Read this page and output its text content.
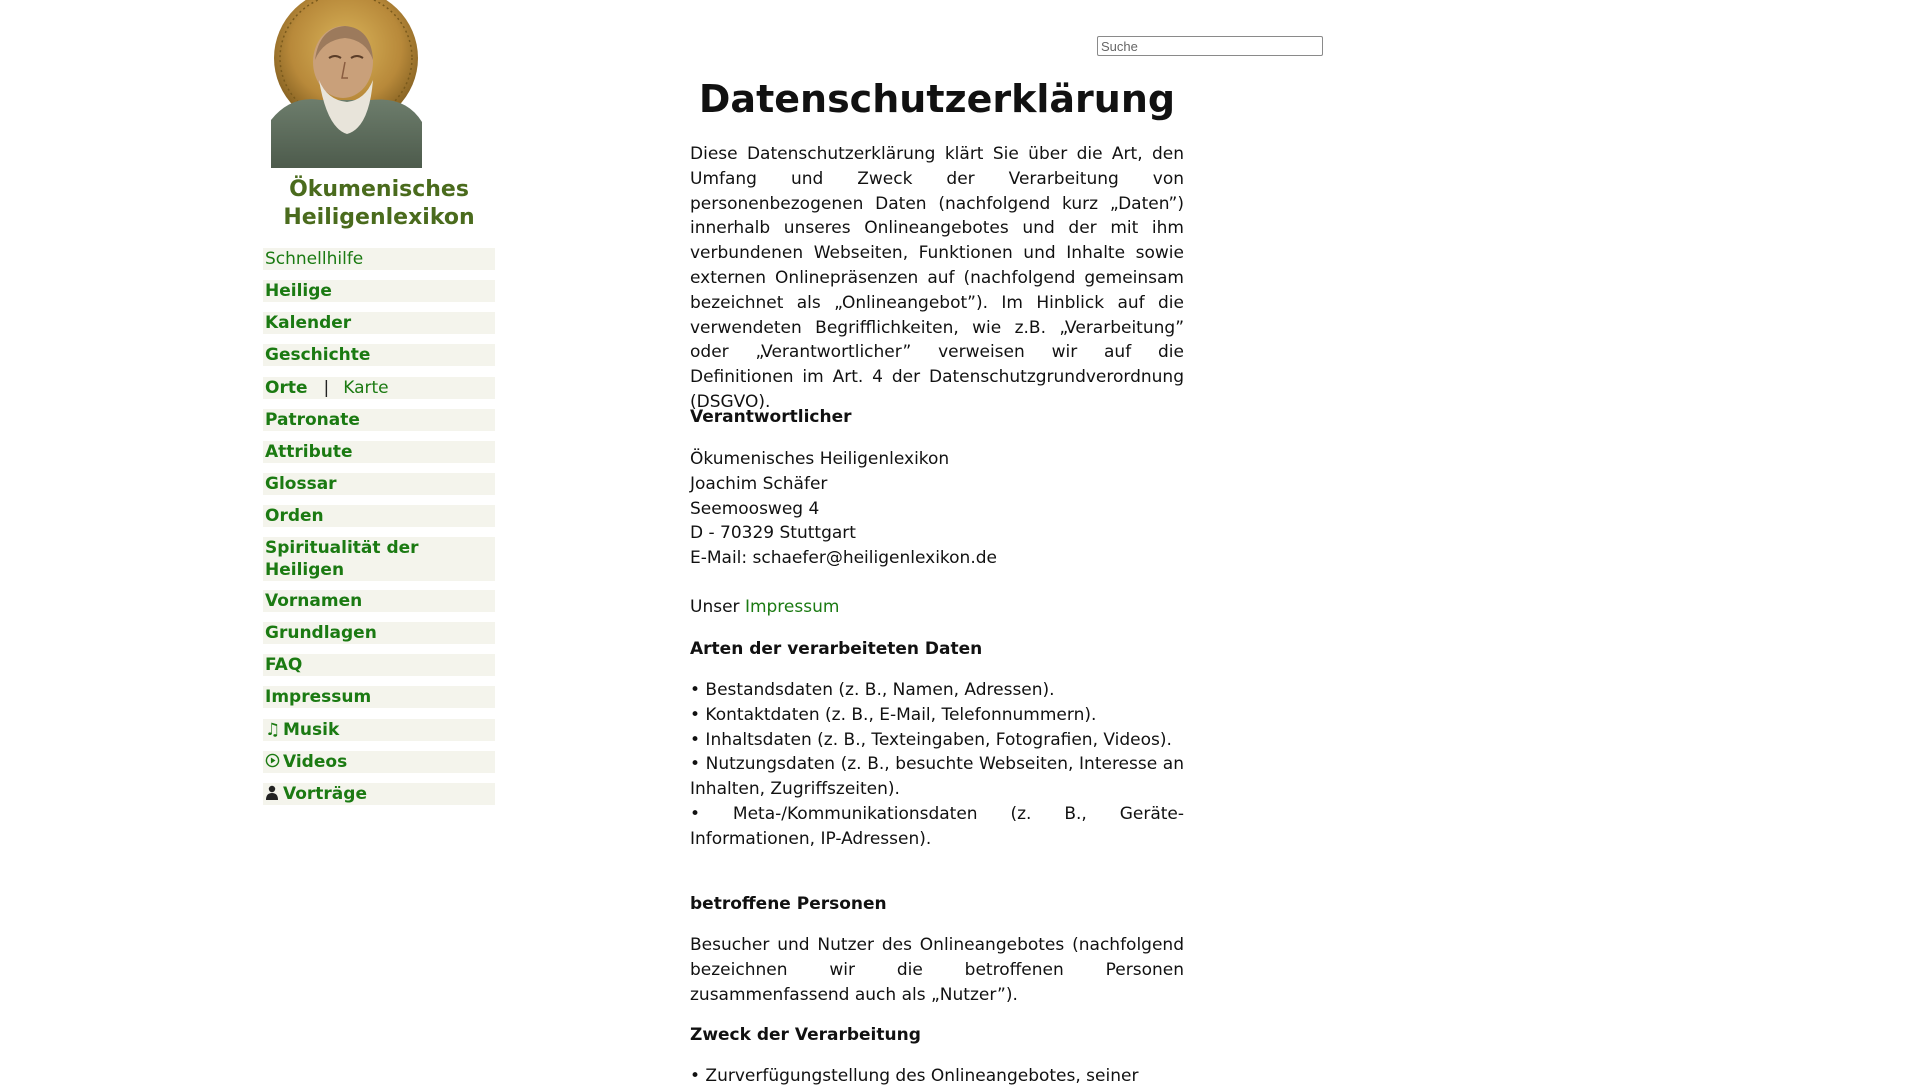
Ökumenisches
Heiligenlexikon
Schnellhilfe
Heilige
Kalender
Geschichte
Orte | Karte
Patronate
Attribute
Glossar
Orden
Spiritualität der
Heiligen
Vornamen
Grundlagen
FAQ
Impressum
♫ Musik
Videos
Vorträge
Suche
Datenschutzerklärung

Diese Datenschutzerklärung klärt Sie über die Art, den Umfang und Zweck der Verarbeitung von personenbezogenen Daten (nachfolgend kurz „Daten”) innerhalb unseres Onlineangebotes und der mit ihm verbundenen Webseiten, Funktionen und Inhalte sowie externen Onlinepräsenzen auf (nachfolgend gemeinsam bezeichnet als „Onlineangebot”). Im Hinblick auf die verwendeten Begrifflichkeiten, wie z.B. „Verarbeitung” oder „Verantwortlicher” verweisen wir auf die Definitionen im Art. 4 der Datenschutzgrundverordnung (DSGVO).

Verantwortlicher

Ökumenisches Heiligenlexikon
Joachim Schäfer
Seemoosweg 4
D - 70329 Stuttgart
E-Mail: schaefer@heiligenlexikon.de
Unser Impressum

Arten der verarbeiteten Daten

• Bestandsdaten (z. B., Namen, Adressen).

• Kontaktdaten (z. B., E-Mail, Telefonnummern).

• Inhaltsdaten (z. B., Texteingaben, Fotografien, Videos).

• Nutzungsdaten (z. B., besuchte Webseiten, Interesse an Inhalten, Zugriffszeiten).

• Meta-/Kommunikationsdaten (z. B., Geräte-Informationen, IP-Adressen).

betroffene Personen

Besucher und Nutzer des Onlineangebotes (nachfolgend bezeichnen wir die betroffenen Personen zusammenfassend auch als „Nutzer”).

Zweck der Verarbeitung

• Zurverfügungstellung des Onlineangebotes, seiner
